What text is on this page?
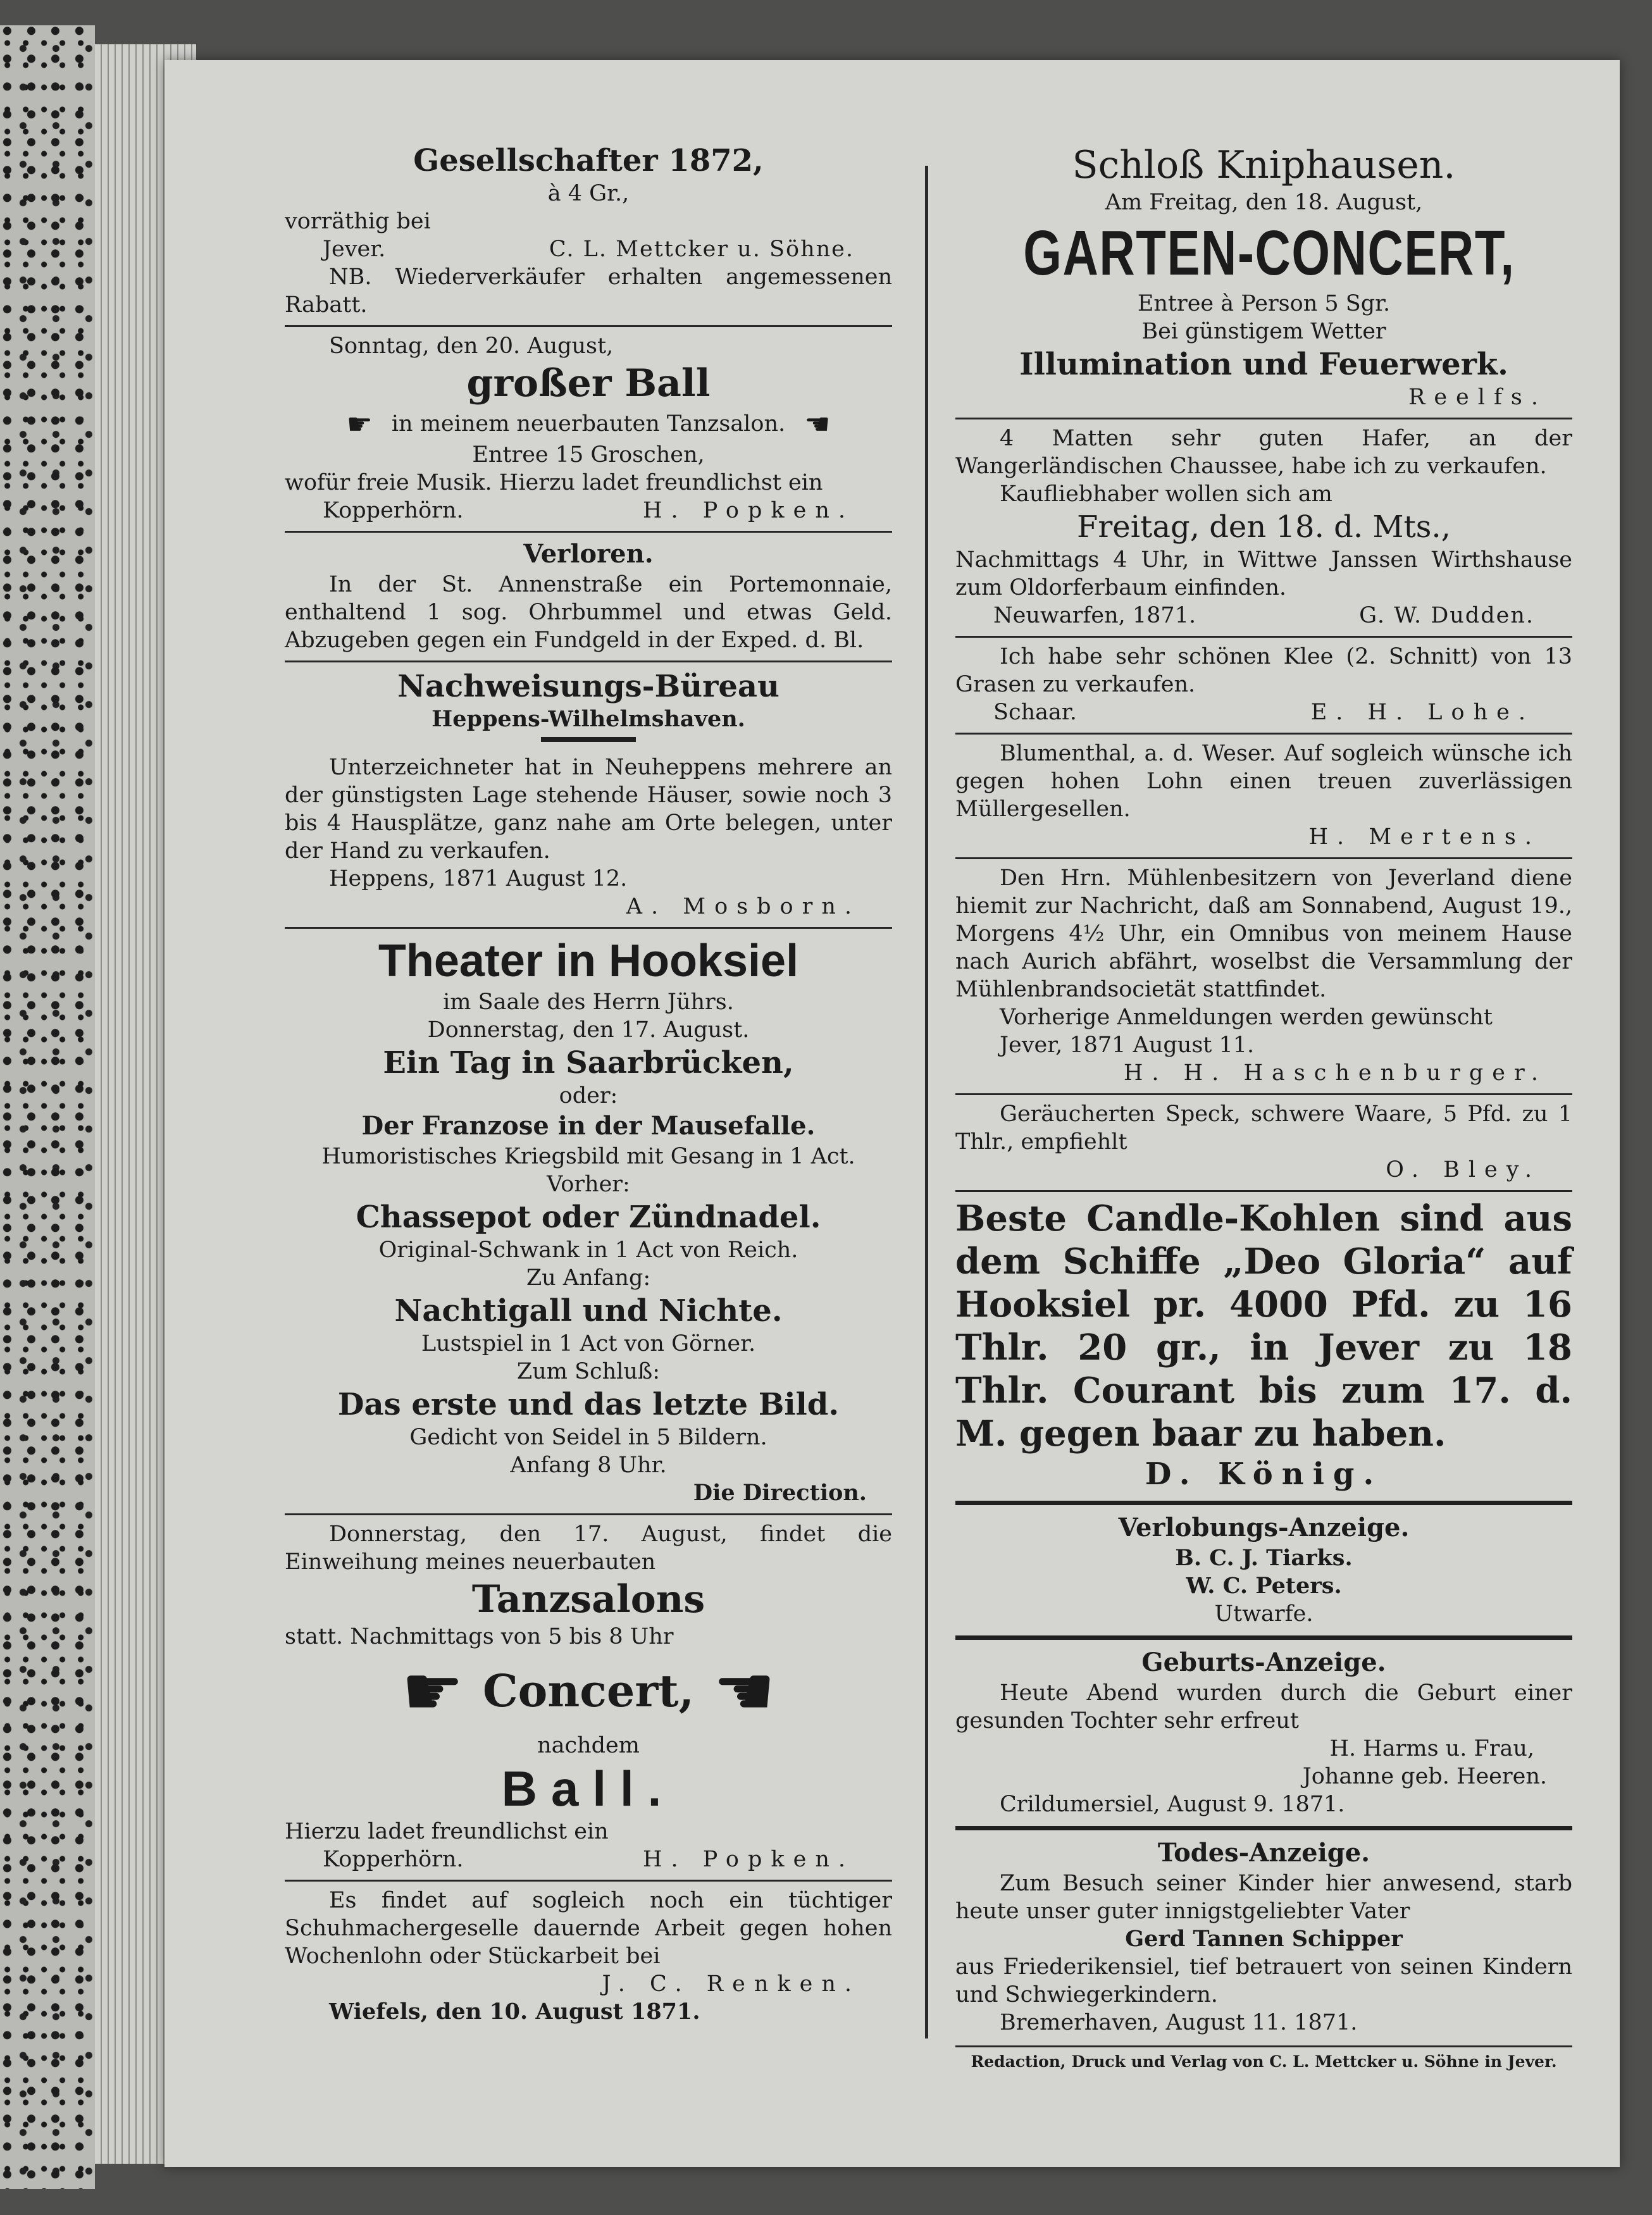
Gesellschafter 1872,

à 4 Gr.,

vorräthig bei

Jever.	C. L. Mettcker u. Söhne.

NB. Wiederverkäufer erhalten angemessenen Rabatt.

Sonntag, den 20. August,

großer Ball

☛ in meinem neuerbauten Tanzsalon. ☚

Entree 15 Groschen,

wofür freie Musik. Hierzu ladet freundlichst ein

Kopperhörn.	H. Popken.

Verloren.

In der St. Annenstraße ein Portemonnaie, enthaltend 1 sog. Ohrbummel und etwas Geld. Abzugeben gegen ein Fundgeld in der Exped. d. Bl.

Nachweisungs-Büreau

Heppens-Wilhelmshaven.

Unterzeichneter hat in Neuheppens mehrere an der günstigsten Lage stehende Häuser, sowie noch 3 bis 4 Hausplätze, ganz nahe am Orte belegen, unter der Hand zu verkaufen.

Heppens, 1871 August 12.

A. Mosborn.

Theater in Hooksiel

im Saale des Herrn Jührs.

Donnerstag, den 17. August.

Ein Tag in Saarbrücken,

oder:

Der Franzose in der Mausefalle.

Humoristisches Kriegsbild mit Gesang in 1 Act.

Vorher:

Chassepot oder Zündnadel.

Original-Schwank in 1 Act von Reich.

Zu Anfang:

Nachtigall und Nichte.

Lustspiel in 1 Act von Görner.

Zum Schluß:

Das erste und das letzte Bild.

Gedicht von Seidel in 5 Bildern.

Anfang 8 Uhr.

Die Direction.

Donnerstag, den 17. August, findet die Einweihung meines neuerbauten

Tanzsalons

statt. Nachmittags von 5 bis 8 Uhr

☛ Concert, ☚

nachdem

Ball.

Hierzu ladet freundlichst ein

Kopperhörn.	H. Popken.

Es findet auf sogleich noch ein tüchtiger Schuhmachergeselle dauernde Arbeit gegen hohen Wochenlohn oder Stückarbeit bei

J. C. Renken.

Wiefels, den 10. August 1871.

Schloß Kniphausen.

Am Freitag, den 18. August,

GARTEN-CONCERT,

Entree à Person 5 Sgr.

Bei günstigem Wetter

Illumination und Feuerwerk.

Reelfs.

4 Matten sehr guten Hafer, an der Wangerländischen Chaussee, habe ich zu verkaufen.

Kaufliebhaber wollen sich am

Freitag, den 18. d. Mts.,

Nachmittags 4 Uhr, in Wittwe Janssen Wirthshause zum Oldorferbaum einfinden.

Neuwarfen, 1871.	G. W. Dudden.

Ich habe sehr schönen Klee (2. Schnitt) von 13 Grasen zu verkaufen.

Schaar.	E. H. Lohe.

Blumenthal, a. d. Weser. Auf sogleich wünsche ich gegen hohen Lohn einen treuen zuverlässigen Müllergesellen.

H. Mertens.

Den Hrn. Mühlenbesitzern von Jeverland diene hiemit zur Nachricht, daß am Sonnabend, August 19., Morgens 4½ Uhr, ein Omnibus von meinem Hause nach Aurich abfährt, woselbst die Versammlung der Mühlenbrandsocietät stattfindet.

Vorherige Anmeldungen werden gewünscht

Jever, 1871 August 11.

H. H. Haschenburger.

Geräucherten Speck, schwere Waare, 5 Pfd. zu 1 Thlr., empfiehlt

O. Bley.

Beste Candle-Kohlen sind aus dem Schiffe „Deo Gloria“ auf Hooksiel pr. 4000 Pfd. zu 16 Thlr. 20 gr., in Jever zu 18 Thlr. Courant bis zum 17. d. M. gegen baar zu haben.

D. König.

Verlobungs-Anzeige.

B. C. J. Tiarks.

W. C. Peters.

Utwarfe.

Geburts-Anzeige.

Heute Abend wurden durch die Geburt einer gesunden Tochter sehr erfreut

H. Harms u. Frau,

Johanne geb. Heeren.

Crildumersiel, August 9. 1871.

Todes-Anzeige.

Zum Besuch seiner Kinder hier anwesend, starb heute unser guter innigstgeliebter Vater

Gerd Tannen Schipper

aus Friederikensiel, tief betrauert von seinen Kindern und Schwiegerkindern.

Bremerhaven, August 11. 1871.

Redaction, Druck und Verlag von C. L. Mettcker u. Söhne in Jever.
